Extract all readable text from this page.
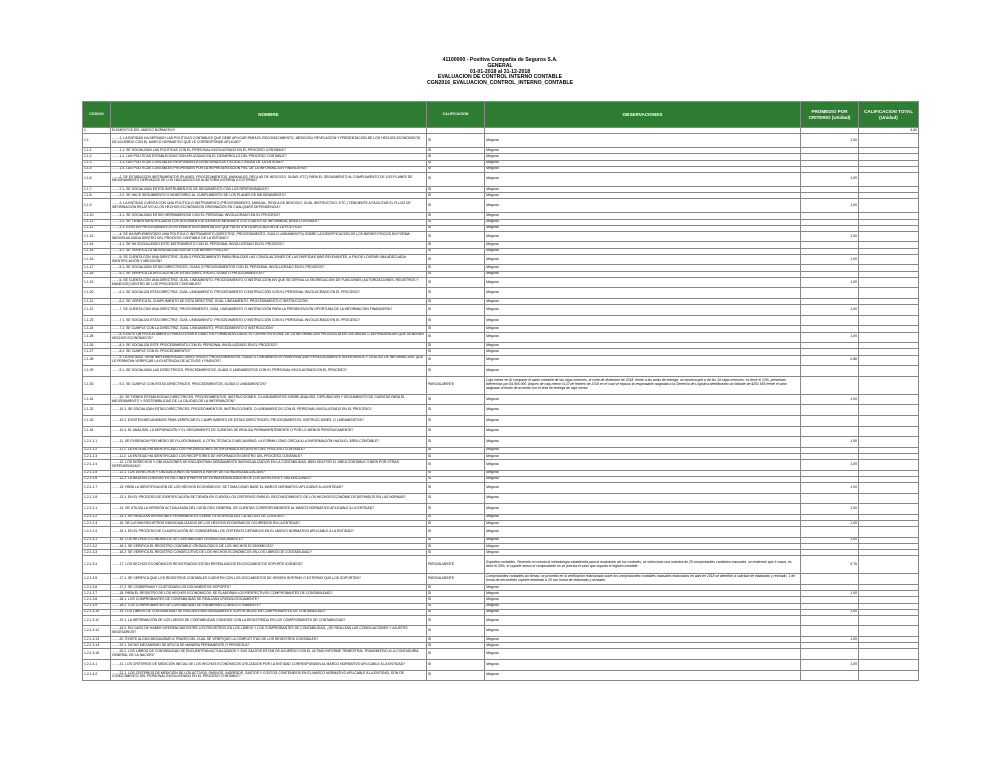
41100000 - Positiva Compañía de Seguros S.A.
GENERAL
01-01-2018 al 31-12-2018
EVALUACION DE CONTROL INTERNO CONTABLE
CGN2016_EVALUACION_CONTROL_INTERNO_CONTABLE
CODIGO	NOMBRE	CALIFICACION	OBSERVACIONES	PROMEDIO POR CRITERIO (Unidad)	CALIFICACION TOTAL (Unidad)
1	ELEMENTOS DEL MARCO NORMATIVO				4,60
1.1	........1. LA ENTIDAD HA DEFINIDO LAS POLÍTICAS CONTABLES QUE DEBE APLICAR PARA EL RECONOCIMIENTO, MEDICIÓN, REVELACIÓN Y PRESENTACIÓN DE LOS HECHOS ECONÓMICOS DE ACUERDO CON EL MARCO NORMATIVO QUE LE CORRESPONDE APLICAR?	SI	Ninguna	1,00	
1.1.1	........1.1. SE SOCIALIZAN LAS POLÍTICAS CON EL PERSONAL INVOLUCRADO EN EL PROCESO CONTABLE?	SI	Ninguna		
1.1.2	........1.2. LAS POLÍTICAS ESTABLECIDAS SON APLICADAS EN EL DESARROLLO DEL PROCESO CONTABLE?	SI	Ninguna		
1.1.3	........1.3. LAS POLÍTICAS CONTABLES RESPONDEN A LA NATURALEZA Y A LA ACTIVIDAD DE LA ENTIDAD?	SI	Ninguna		
1.1.4	........1.4. LAS POLÍTICAS CONTABLES PROPENDEN POR LA REPRESENTACIÓN FIEL DE LA INFORMACIÓN FINANCIERA?	SI	Ninguna		
1.1.6	........2. SE ESTABLECEN INSTRUMENTOS (PLANES, PROCEDIMIENTOS, MANUALES, REGLAS DE NEGOCIO, GUÍAS, ETC) PARA EL SEGUIMIENTO AL CUMPLIMIENTO DE LOS PLANES DE MEJORAMIENTO DERIVADOS DE LOS HALLAZGOS DE AUDITORÍA INTERNA O EXTERNA?	SI	Ninguna	1,00	
1.1.7	........2.1. SE SOCIALIZAN ESTOS INSTRUMENTOS DE SEGUIMIENTO CON LOS RESPONSABLES?	SI	Ninguna		
1.1.8	........2.2. SE HACE SEGUIMIENTO O MONITOREO AL CUMPLIMIENTO DE LOS PLANES DE MEJORAMIENTO?	SI	Ninguna		
1.1.9	........3. LA ENTIDAD CUENTA CON UNA POLÍTICA O INSTRUMENTO (PROCEDIMIENTO, MANUAL, REGLA DE NEGOCIO, GUÍA, INSTRUCTIVO, ETC.) TENDIENTE A FACILITAR EL FLUJO DE INFORMACIÓN RELATIVO A LOS HECHOS ECONÓMICOS ORIGINADOS EN CUALQUIER DEPENDENCIA?	SI	Ninguna	1,00	
1.1.10	........3.1. SE SOCIALIZAN ESTAS HERRAMIENTAS CON EL PERSONAL INVOLUCRADO EN EL PROCESO?	SI	Ninguna		
1.1.11	........3.2. SE TIENEN IDENTIFICADOS LOS DOCUMENTOS IDÓNEOS MEDIANTE LOS CUALES SE INFORMA AL ÁREA CONTABLE?	SI	Ninguna		
1.1.12	........3.3. EXISTEN PROCEDIMIENTOS INTERNOS DOCUMENTADOS QUE FACILITEN LA APLICACIÓN DE LA POLÍTICA?	SI	Ninguna		
1.1.13	........4. SE HA IMPLEMENTADO UNA POLÍTICA O INSTRUMENTO (DIRECTRIZ, PROCEDIMIENTO, GUÍA O LINEAMIENTO) SOBRE LA IDENTIFICACIÓN DE LOS BIENES FÍSICOS EN FORMA INDIVIDUALIZADA DENTRO DEL PROCESO CONTABLE DE LA ENTIDAD?	SI	Ninguna	1,00	
1.1.14	........4.1. SE HA SOCIALIZADO ESTE INSTRUMENTO CON EL PERSONAL INVOLUCRADO EN EL PROCESO?	SI	Ninguna		
1.1.15	........4.2. SE VERIFICA LA INDIVIDUALIZACIÓN DE LOS BIENES FÍSICOS?	SI	Ninguna		
1.1.16	........5. SE CUENTA CON UNA DIRECTRIZ, GUÍA O PROCEDIMIENTO PARA REALIZAR LAS CONCILIACIONES DE LAS PARTIDAS MÁS RELEVANTES, A FIN DE LOGRAR UNA ADECUADA IDENTIFICACIÓN Y MEDICIÓN?	SI	Ninguna	1,00	
1.1.17	........5.1. SE SOCIALIZAN ESTAS DIRECTRICES, GUÍAS O PROCEDIMIENTOS CON EL PERSONAL INVOLUCRADO EN EL PROCESO?	SI	Ninguna		
1.1.18	........5.2. SE VERIFICA LA APLICACIÓN DE ESTAS DIRECTRICES, GUÍAS O PROCEDIMIENTOS?	SI	Ninguna		
1.1.19	........6. SE CUENTA CON UNA DIRECTRIZ, GUÍA, LINEAMIENTO, PROCEDIMIENTO O INSTRUCCIÓN EN QUE SE DEFINA LA SEGREGACIÓN DE FUNCIONES (AUTORIZACIONES, REGISTROS Y MANEJOS) DENTRO DE LOS PROCESOS CONTABLES?	SI	Ninguna	1,00	
1.1.20	........6.1. SE SOCIALIZA ESTA DIRECTRIZ, GUÍA, LINEAMIENTO, PROCEDIMIENTO O INSTRUCCIÓN CON EL PERSONAL INVOLUCRADO EN EL PROCESO?	SI	Ninguna		
1.1.21	........6.2. SE VERIFICA EL CUMPLIMIENTO DE ESTA DIRECTRIZ, GUÍA, LINEAMIENTO, PROCEDIMIENTO O INSTRUCCIÓN?	SI	Ninguna		
1.1.22	........7. SE CUENTA CON UNA DIRECTRIZ, PROCEDIMIENTO, GUÍA, LINEAMIENTO O INSTRUCCIÓN PARA LA PRESENTACIÓN OPORTUNA DE LA INFORMACIÓN FINANCIERA?	SI	Ninguna	1,00	
1.1.23	........7.1. SE SOCIALIZA ESTA DIRECTRIZ, GUÍA, LINEAMIENTO, PROCEDIMIENTO O INSTRUCCIÓN CON EL PERSONAL INVOLUCRADO EN EL PROCESO?	SI	Ninguna		
1.1.24	........7.2. SE CUMPLE CON LA DIRECTRIZ, GUÍA, LINEAMIENTO, PROCEDIMIENTO O INSTRUCCIÓN?	SI	Ninguna		
1.1.25	........8. EXISTE UN PROCEDIMIENTO PARA LLEVAR A CABO, EN FORMA ADECUADA, EL CIERRE INTEGRAL DE LA INFORMACIÓN PRODUCIDA EN LAS ÁREAS O DEPENDENCIAS QUE GENERAN HECHOS ECONÓMICOS?	SI	Ninguna	1,00	
1.1.26	........8.1. SE SOCIALIZA ESTE PROCEDIMIENTO CON EL PERSONAL INVOLUCRADO EN EL PROCESO?	SI	Ninguna		
1.1.27	........8.2. SE CUMPLE CON EL PROCEDIMIENTO?	SI	Ninguna		
1.1.28	........9. LA ENTIDAD TIENE IMPLEMENTADAS DIRECTRICES, PROCEDIMIENTOS, GUÍAS O LINEAMIENTOS PARA REALIZAR PERIÓDICAMENTE INVENTARIOS Y CRUCES DE INFORMACIÓN, QUE LE PERMITAN VERIFICAR LA EXISTENCIA DE ACTIVOS Y PASIVOS?	SI	Ninguna	0,86	
1.1.29	........9.1. SE SOCIALIZAN LAS DIRECTRICES, PROCEDIMIENTOS, GUÍAS O LINEAMIENTOS CON EL PERSONAL INVOLUCRADO EN EL PROCESO?	SI	Ninguna		
1.1.30	........9.2. SE CUMPLE CON ESTAS DIRECTRICES, PROCEDIMIENTOS, GUÍAS O LINEAMIENTOS?	PARCIALMENTE	Caja menor en Al comparar el saldo contable de las cajas menores, al corte de diciembre de 2018, frente a las actas de entrega, se observa que a de las 34 cajas menores, es decir el 13%, presentan diferencias por $4.906.000. Arqueo de caja menor N.22 de febrero de 2019 en el cual se expuso la responsable asignada a la Gerencia de Logística identificando un faltante de $281.655 frente el valor asignado al fondo de acuerdo con el acta de entrega de caja menor.		
1.1.31	........10. SE TIENEN ESTABLECIDAS DIRECTRICES, PROCEDIMIENTOS, INSTRUCCIONES, O LINEAMIENTOS SOBRE ANÁLISIS, DEPURACIÓN Y SEGUIMIENTO DE CUENTAS PARA EL MEJORAMIENTO Y SOSTENIBILIDAD DE LA CALIDAD DE LA INFORMACIÓN?	SI	Ninguna	1,00	
1.1.32	........10.1. SE SOCIALIZAN ESTAS DIRECTRICES, PROCEDIMIENTOS, INSTRUCCIONES, O LINEAMIENTOS CON EL PERSONAL INVOLUCRADO EN EL PROCESO?	SI	Ninguna		
1.1.33	........10.2. EXISTEN MECANISMOS PARA VERIFICAR EL CUMPLIMIENTO DE ESTAS DIRECTRICES, PROCEDIMIENTOS, INSTRUCCIONES, O LINEAMIENTOS?	SI	Ninguna		
1.1.34	........10.3. EL ANÁLISIS, LA DEPURACIÓN Y EL SEGUIMIENTO DE CUENTAS SE REALIZA PERMANENTEMENTE O POR LO MENOS PERIÓDICAMENTE?	SI	Ninguna		
1.2.1.1.1	........11. SE EVIDENCIA POR MEDIO DE FLUJOGRAMAS, U OTRA TÉCNICA O MECANISMO, LA FORMA COMO CIRCULA LA INFORMACIÓN HACIA EL ÁREA CONTABLE?	SI	Ninguna	1,00	
1.2.1.1.2	........11.1. LA ENTIDAD HA IDENTIFICADO LOS PROVEEDORES DE INFORMACIÓN DENTRO DEL PROCESO CONTABLE?	SI	Ninguna		
1.2.1.1.3	........11.2. LA ENTIDAD HA IDENTIFICADO LOS RECEPTORES DE INFORMACIÓN DENTRO DEL PROCESO CONTABLE?	SI	Ninguna		
1.2.1.1.4	........12. LOS DERECHOS Y OBLIGACIONES SE ENCUENTRAN DEBIDAMENTE INDIVIDUALIZADOS EN LA CONTABILIDAD, BIEN SEA POR EL ÁREA CONTABLE O BIEN POR OTRAS DEPENDENCIAS?	SI	Ninguna	1,00	
1.2.1.1.5	........12.1. LOS DERECHOS Y OBLIGACIONES SE MIDEN A PARTIR DE SU INDIVIDUALIZACIÓN?	SI	Ninguna		
1.2.1.1.6	........12.2. LA BAJA EN CUENTAS ES FACTIBLE A PARTIR DE LA INDIVIDUALIZACIÓN DE LOS DERECHOS Y OBLIGACIONES?	SI	Ninguna		
1.2.1.1.7	........13. PARA LA IDENTIFICACIÓN DE LOS HECHOS ECONÓMICOS, SE TOMA COMO BASE EL MARCO NORMATIVO APLICABLE A LA ENTIDAD?	SI	Ninguna	1,00	
1.2.1.1.8	........13.1. EN EL PROCESO DE IDENTIFICACIÓN SE TIENEN EN CUENTA LOS CRITERIOS PARA EL RECONOCIMIENTO DE LOS HECHOS ECONÓMICOS DEFINIDOS EN LAS NORMAS?	SI	Ninguna		
1.2.1.2.1	........14. SE UTILIZA LA VERSIÓN ACTUALIZADA DEL CATÁLOGO GENERAL DE CUENTAS CORRESPONDIENTE AL MARCO NORMATIVO APLICABLE A LA ENTIDAD?	SI	Ninguna	1,00	
1.2.1.2.2	........14.1. SE REALIZAN REVISIONES PERMANENTES SOBRE LA VIGENCIA DEL CATÁLOGO DE CUENTAS?	SI	Ninguna		
1.2.1.2.3	........15. SE LLEVAN REGISTROS INDIVIDUALIZADOS DE LOS HECHOS ECONÓMICOS OCURRIDOS EN LA ENTIDAD?	SI	Ninguna	1,00	
1.2.1.2.4	........15.1. EN EL PROCESO DE CLASIFICACIÓN SE CONSIDERAN LOS CRITERIOS DEFINIDOS EN EL MARCO NORMATIVO APLICABLE A LA ENTIDAD?	SI	Ninguna		
1.2.1.3.1	........16. LOS HECHOS ECONÓMICOS SE CONTABILIZAN CRONOLÓGICAMENTE?	SI	Ninguna	1,00	
1.2.1.3.2	........16.1. SE VERIFICA EL REGISTRO CONTABLE CRONOLÓGICO DE LOS HECHOS ECONÓMICOS?	SI	Ninguna		
1.2.1.3.3	........16.2. SE VERIFICA EL REGISTRO CONSECUTIVO DE LOS HECHOS ECONÓMICOS EN LOS LIBROS DE CONTABILIDAD?	SI	Ninguna		
1.2.1.3.4	........17. LOS HECHOS ECONÓMICOS REGISTRADOS ESTÁN RESPALDADOS EN DOCUMENTOS SOPORTE IDÓNEOS?	PARCIALMENTE	Soportes contables. Teniendo en cuenta la metodología establecida para la evaluación de los controles, se seleccionó una muestra de 25 comprobantes contables manuales, se evidenció que 6 casos, es decir el 35%, el soporte anexo al comprobante no se precisa el valor que soporta el registro contable.	0,76	
1.2.1.3.5	........17.1. SE VERIFICA QUE LOS REGISTROS CONTABLES CUENTEN CON LOS DOCUMENTOS DE ORIGEN INTERNO O EXTERNO QUE LOS SOPORTEN?	PARCIALMENTE	Comprobantes contables sin firmas: se procedió en la verificación relacionada sobre los comprobantes contables manuales elaborados en abril de 2018 se identificó a solicitud de elaborado y revisado, 1 de forma de documento soporte debiendo a 35 con forma de elaborado y revisado.		
1.2.1.3.6	........17.2. SE CONSERVAN Y CUSTODIAN LOS DOCUMENTOS SOPORTE?	SI	Ninguna		
1.2.1.3.7	........18. PARA EL REGISTRO DE LOS HECHOS ECONÓMICOS, SE ELABORAN LOS RESPECTIVOS COMPROBANTES DE CONTABILIDAD?	SI	Ninguna	1,00	
1.2.1.3.8	........18.1. LOS COMPROBANTES DE CONTABILIDAD SE REALIZAN CRONOLÓGICAMENTE?	SI	Ninguna		
1.2.1.3.9	........18.2. LOS COMPROBANTES DE CONTABILIDAD SE ENUMERAN CONSECUTIVAMENTE?	SI	Ninguna		
1.2.1.3.10	........19. LOS LIBROS DE CONTABILIDAD SE ENCUENTRAN DEBIDAMENTE SOPORTADOS EN COMPROBANTES DE CONTABILIDAD?	SI	Ninguna	1,00	
1.2.1.3.11	........19.1. LA INFORMACIÓN DE LOS LIBROS DE CONTABILIDAD COINCIDE CON LA REGISTRADA EN LOS COMPROBANTES DE CONTABILIDAD?	SI	Ninguna		
1.2.1.3.12	........19.2. EN CASO DE HABER DIFERENCIAS ENTRE LOS REGISTROS EN LOS LIBROS Y LOS COMPROBANTES DE CONTABILIDAD, ¿SE REALIZAN LAS CONCILIACIONES Y AJUSTES NECESARIOS?	SI	Ninguna		
1.2.1.3.13	........20. EXISTE ALGÚN MECANISMO A TRAVÉS DEL CUAL SE VERIFIQUE LA COMPLETITUD DE LOS REGISTROS CONTABLES?	SI	Ninguna	1,00	
1.2.1.3.14	........20.1. DICHO MECANISMO SE APLICA DE MANERA PERMANENTE O PERIÓDICA?	SI	Ninguna		
1.2.1.3.15	........20.2. LOS LIBROS DE CONTABILIDAD SE ENCUENTRAN ACTUALIZADOS Y SUS SALDOS ESTÁN DE ACUERDO CON EL ÚLTIMO INFORME TRIMESTRAL TRANSMITIDO A LA CONTADURÍA GENERAL DE LA NACIÓN?	SI	Ninguna		
1.2.1.4.1	........21. LOS CRITERIOS DE MEDICIÓN INICIAL DE LOS HECHOS ECONÓMICOS UTILIZADOS POR LA ENTIDAD CORRESPONDEN AL MARCO NORMATIVO APLICABLE A LA ENTIDAD?	SI	Ninguna	1,00	
1.2.1.4.2	........21.1. LOS CRITERIOS DE MEDICIÓN DE LOS ACTIVOS, PASIVOS, INGRESOS, GASTOS Y COSTOS CONTENIDOS EN EL MARCO NORMATIVO APLICABLE A LA ENTIDAD, SON DE CONOCIMIENTO DEL PERSONAL INVOLUCRADO EN EL PROCESO CONTABLE?	SI	Ninguna		
